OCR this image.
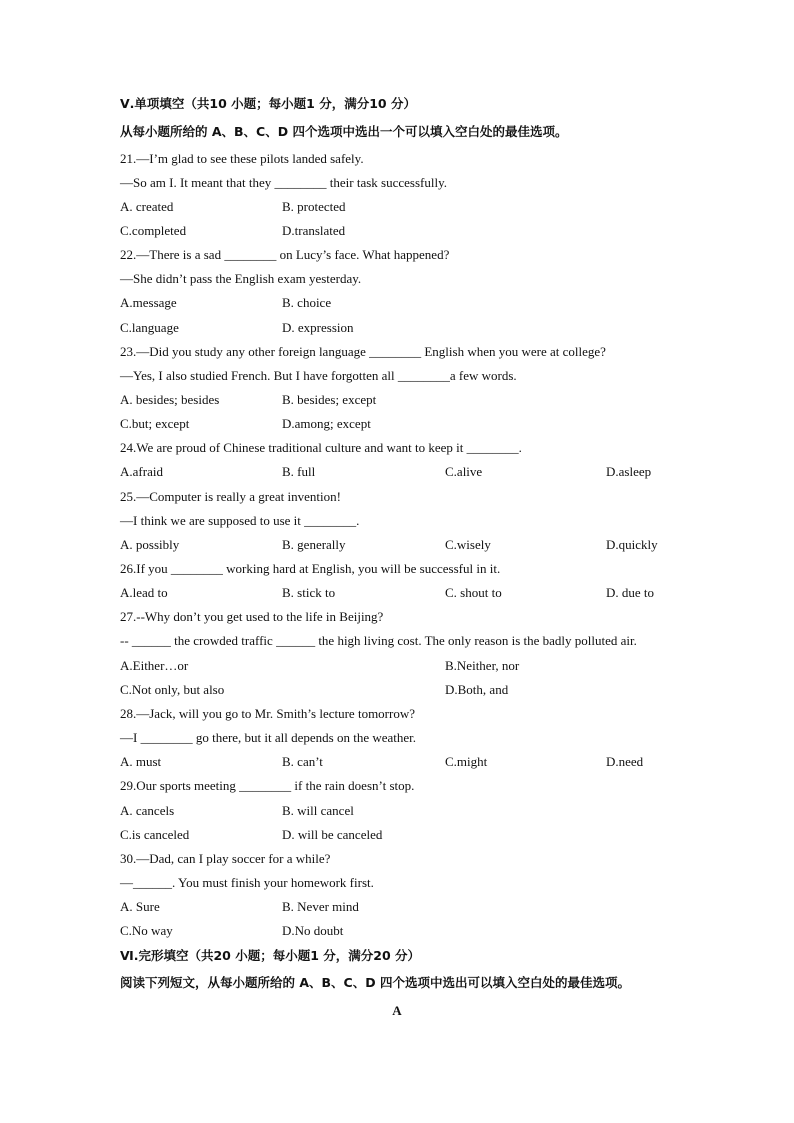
Ⅴ.单项填空（共10 小题；每小题1 分，满分10 分）
从每小题所给的 A、B、C、D 四个选项中选出一个可以填入空白处的最佳选项。
21.—I’m glad to see these pilots landed safely.
—So am I. It meant that they ________ their task successfully.
A. created	B. protected
C.completed	D.translated
22.—There is a sad ________ on Lucy’s face. What happened?
—She didn’t pass the English exam yesterday.
A.message	B. choice
C.language	D. expression
23.—Did you study any other foreign language ________ English when you were at college?
—Yes, I also studied French. But I have forgotten all ________a few words.
A. besides; besides	B. besides; except
C.but; except	D.among; except
24.We are proud of Chinese traditional culture and want to keep it ________.
A.afraid	B. full	C.alive	D.asleep
25.—Computer is really a great invention!
—I think we are supposed to use it ________.
A. possibly	B. generally	C.wisely	D.quickly
26.If you ________ working hard at English, you will be successful in it.
A.lead to	B. stick to	C. shout to	D. due to
27.--Why don’t you get used to the life in Beijing?
-- ______ the crowded traffic ______ the high living cost. The only reason is the badly polluted air.
A.Either…or	B.Neither, nor
C.Not only, but also	D.Both, and
28.—Jack, will you go to Mr. Smith’s lecture tomorrow?
—I ________ go there, but it all depends on the weather.
A. must	B. can’t	C.might	D.need
29.Our sports meeting ________ if the rain doesn’t stop.
A. cancels	B. will cancel
C.is canceled	D. will be canceled
30.—Dad, can I play soccer for a while?
—______. You must finish your homework first.
A. Sure	B. Never mind
C.No way	D.No doubt
Ⅵ.完形填空（共20 小题；每小题1 分，满分20 分）
阅读下列短文，从每小题所给的 A、B、C、D 四个选项中选出可以填入空白处的最佳选项。
A
